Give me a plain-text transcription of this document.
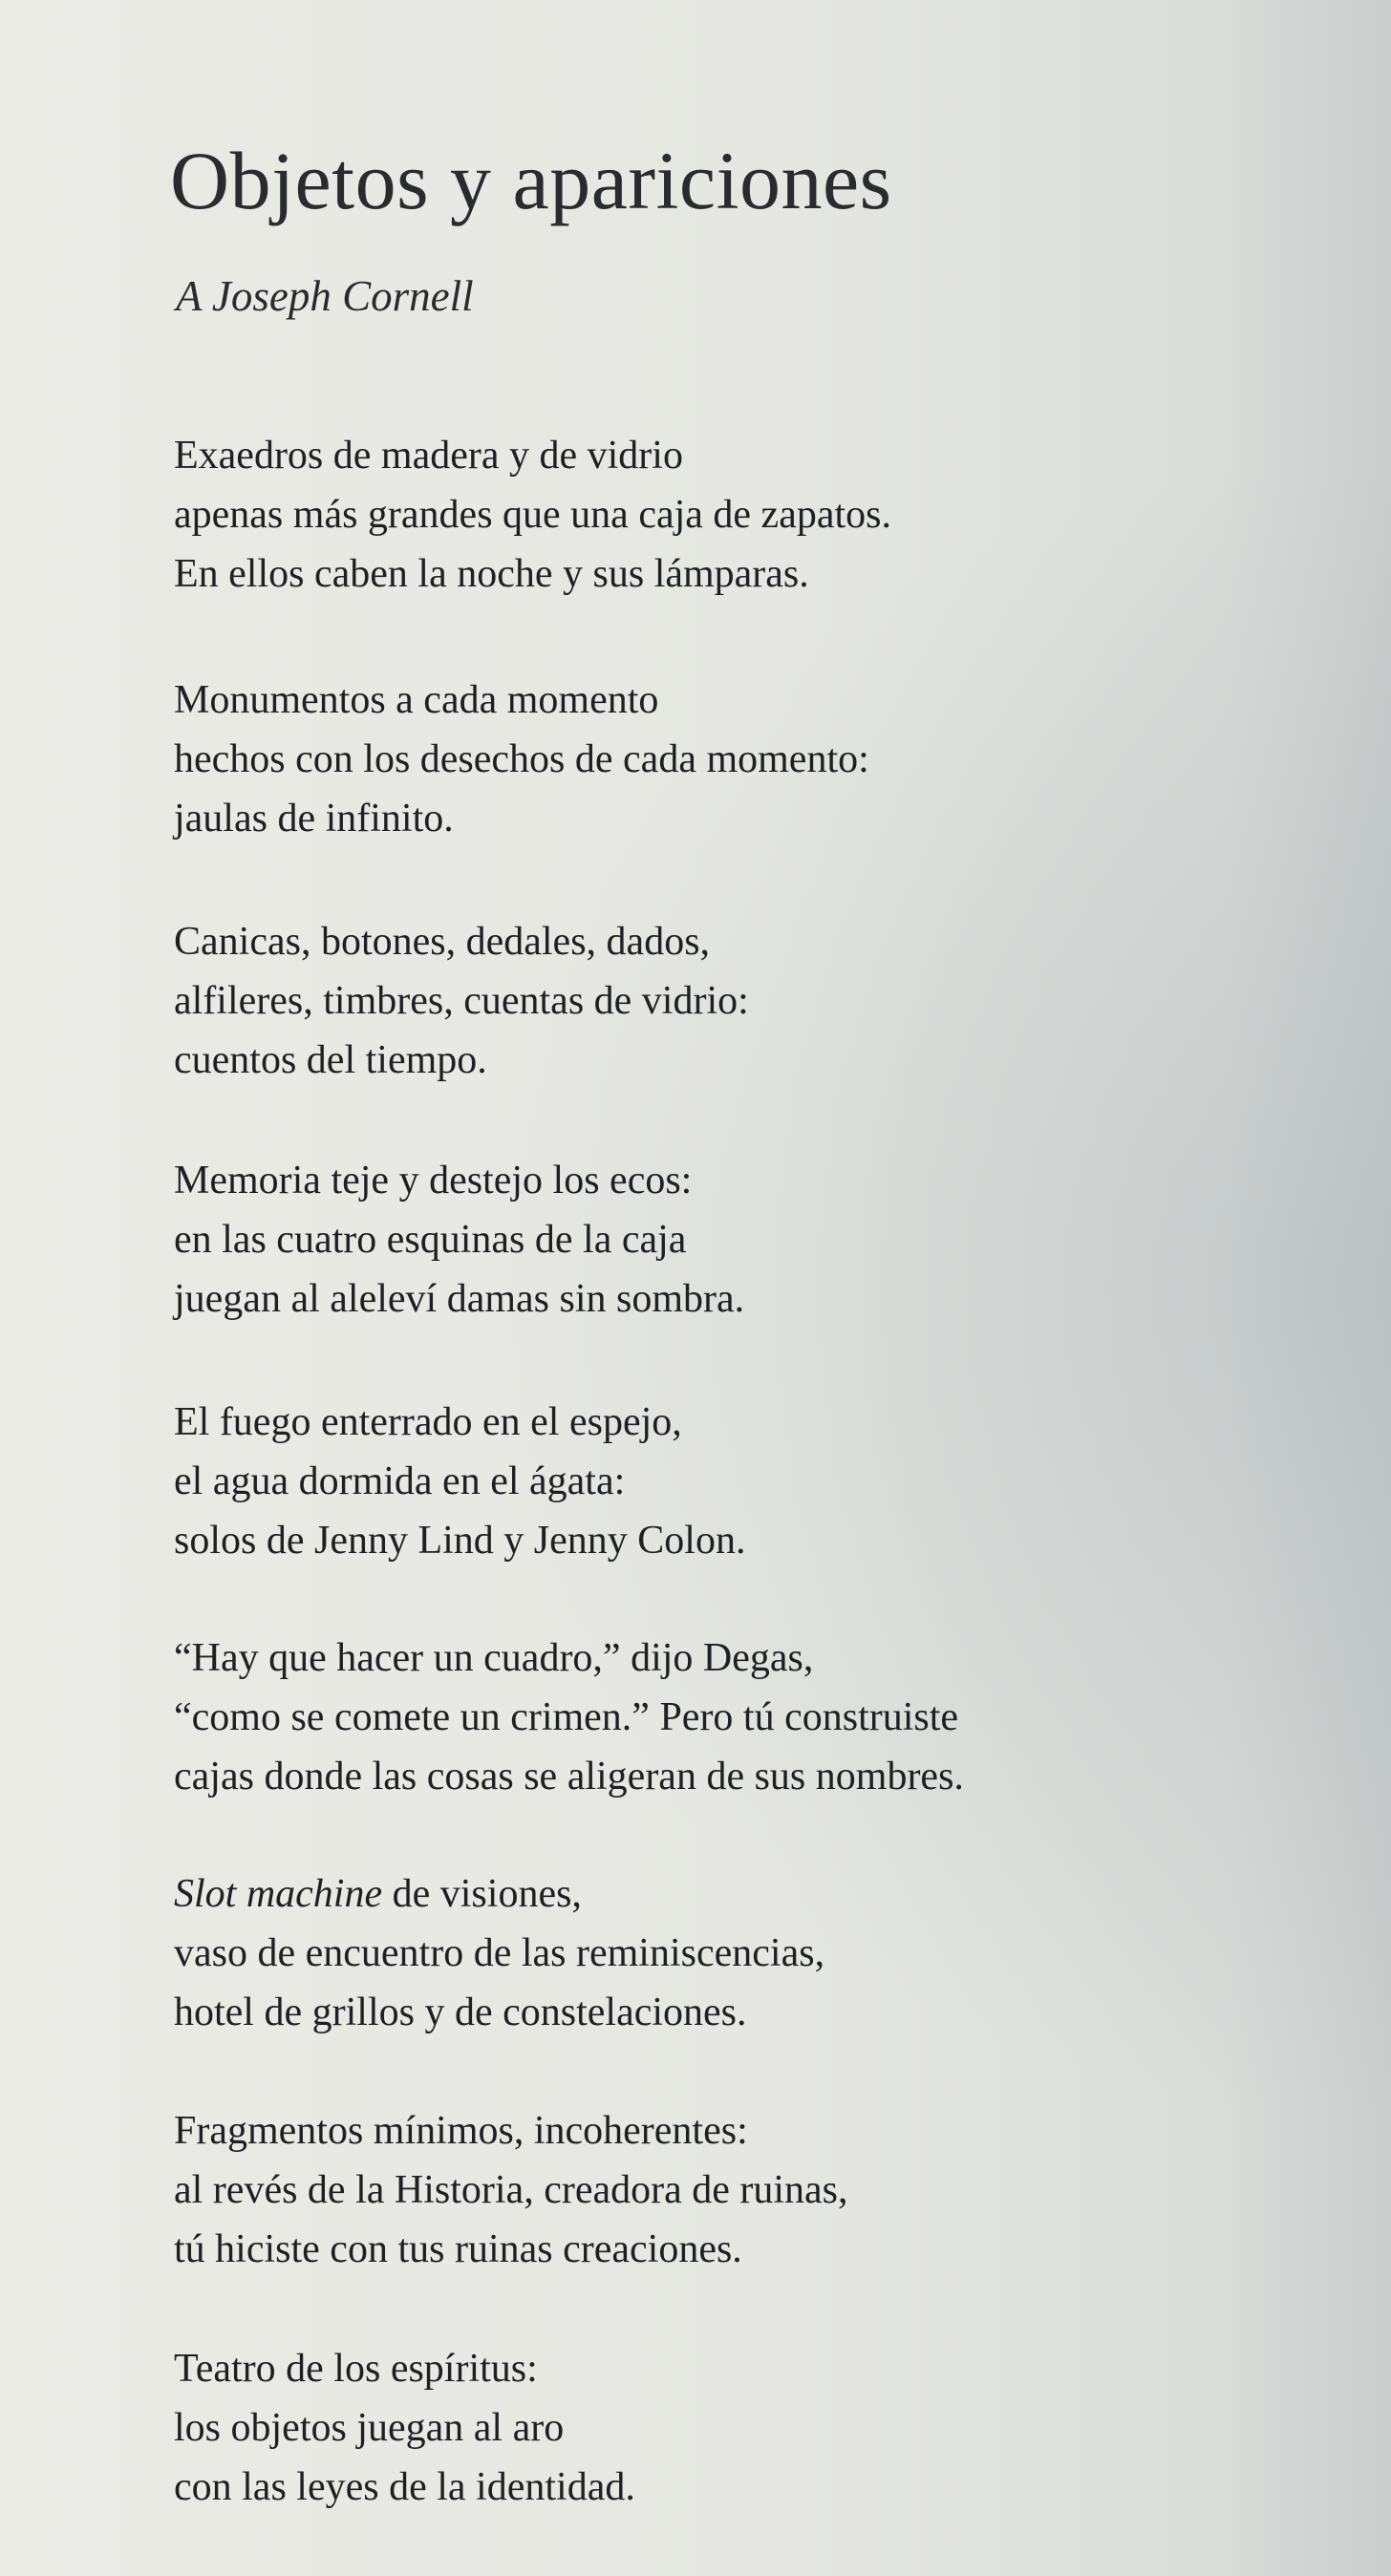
Objetos y apariciones

A Joseph Cornell

Exaedros de madera y de vidrio
apenas más grandes que una caja de zapatos.
En ellos caben la noche y sus lámparas.

Monumentos a cada momento
hechos con los desechos de cada momento:
jaulas de infinito.

Canicas, botones, dedales, dados,
alfileres, timbres, cuentas de vidrio:
cuentos del tiempo.

Memoria teje y destejo los ecos:
en las cuatro esquinas de la caja
juegan al aleleví damas sin sombra.

El fuego enterrado en el espejo,
el agua dormida en el ágata:
solos de Jenny Lind y Jenny Colon.

“Hay que hacer un cuadro,” dijo Degas,
“como se comete un crimen.” Pero tú construiste
cajas donde las cosas se aligeran de sus nombres.

Slot machine de visiones,
vaso de encuentro de las reminiscencias,
hotel de grillos y de constelaciones.

Fragmentos mínimos, incoherentes:
al revés de la Historia, creadora de ruinas,
tú hiciste con tus ruinas creaciones.

Teatro de los espíritus:
los objetos juegan al aro
con las leyes de la identidad.
